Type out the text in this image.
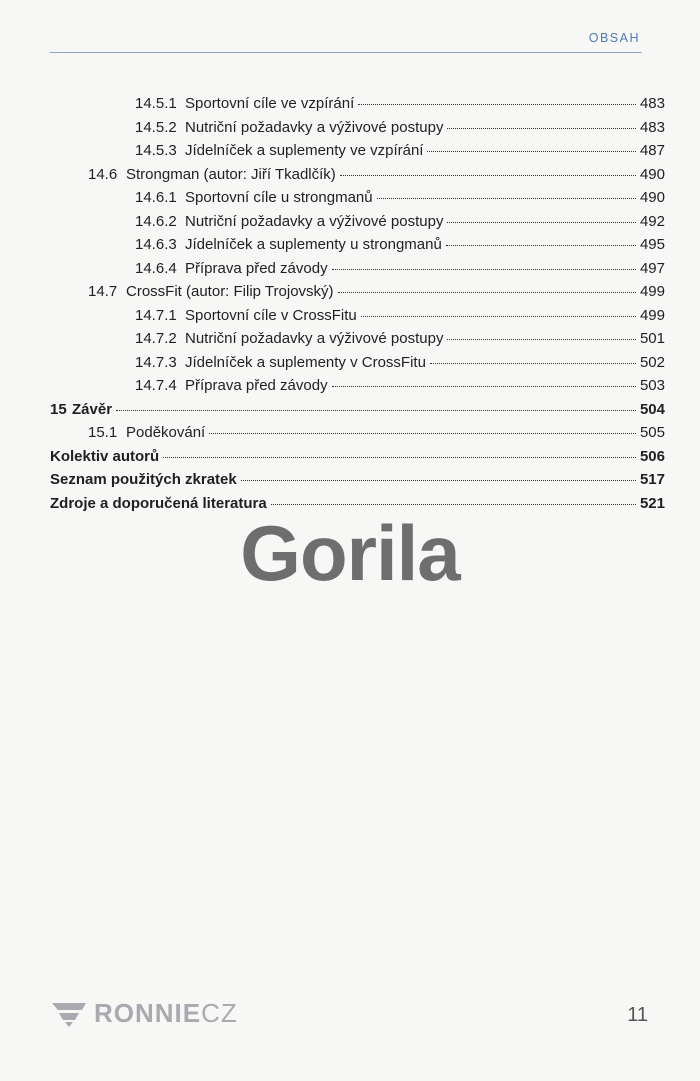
OBSAH
14.5.1 Sportovní cíle ve vzpírání	483
14.5.2 Nutriční požadavky a výživové postupy	483
14.5.3 Jídelníček a suplementy ve vzpírání	487
14.6 Strongman (autor: Jiří Tkadlčík)	490
14.6.1 Sportovní cíle u strongmanů	490
14.6.2 Nutriční požadavky a výživové postupy	492
14.6.3 Jídelníček a suplementy u strongmanů	495
14.6.4 Příprava před závody	497
14.7 CrossFit (autor: Filip Trojovský)	499
14.7.1 Sportovní cíle v CrossFitu	499
14.7.2 Nutriční požadavky a výživové postupy	501
14.7.3 Jídelníček a suplementy v CrossFitu	502
14.7.4 Příprava před závody	503
15 Závěr	504
15.1 Poděkování	505
Kolektiv autorů	506
Seznam použitých zkratek	517
Zdroje a doporučená literatura	521
Gorila
RONNIECZ	11
